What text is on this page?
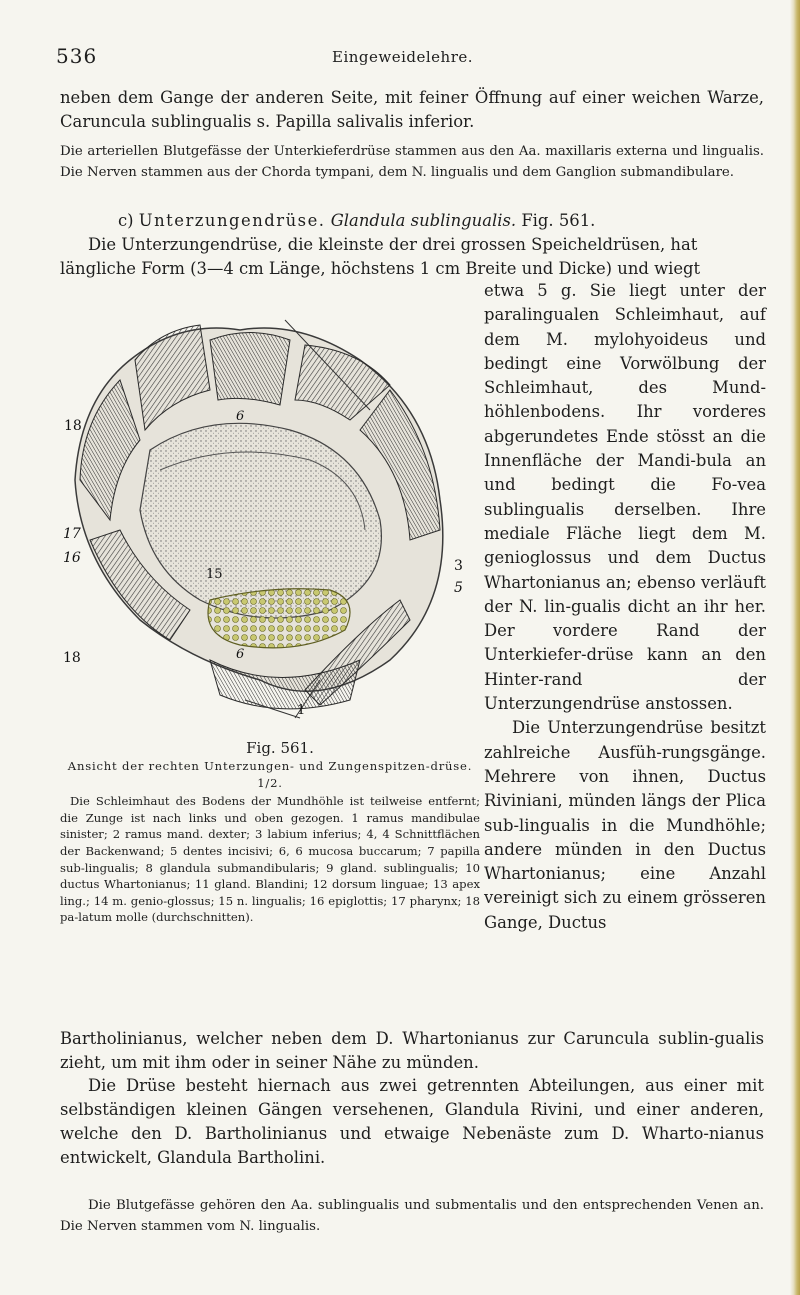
536	Eingeweidelehre.
neben dem Gange der anderen Seite, mit feiner Öffnung auf einer weichen Warze, Caruncula sublingualis s. Papilla salivalis inferior.
Die arteriellen Blutgefässe der Unterkieferdrüse stammen aus den Aa. maxillaris externa und lingualis. Die Nerven stammen aus der Chorda tympani, dem N. lingualis und dem Ganglion submandibulare.
c) Unterzungendrüse. Glandula sublingualis. Fig. 561.
Die Unterzungendrüse, die kleinste der drei grossen Speicheldrüsen, hat
längliche Form (3—4 cm Länge, höchstens 1 cm Breite und Dicke) und wiegt
6
18
17
16
18
15
3
5
6
1
Fig. 561.
Ansicht der rechten Unterzungen- und Zungenspitzen-drüse. 1/2.
Die Schleimhaut des Bodens der Mundhöhle ist teilweise entfernt; die Zunge ist nach links und oben gezogen. 1 ramus mandibulae sinister; 2 ramus mand. dexter; 3 labium inferius; 4, 4 Schnittflächen der Backenwand; 5 dentes incisivi; 6, 6 mucosa buccarum; 7 papilla sub-lingualis; 8 glandula submandibularis; 9 gland. sublingualis; 10 ductus Whartonianus; 11 gland. Blandini; 12 dorsum linguae; 13 apex ling.; 14 m. genio-glossus; 15 n. lingualis; 16 epiglottis; 17 pharynx; 18 pa-latum molle (durchschnitten).
etwa 5 g. Sie liegt unter der paralingualen Schleimhaut, auf dem M. mylohyoideus und bedingt eine Vorwölbung der Schleimhaut, des Mund-höhlenbodens. Ihr vorderes abgerundetes Ende stösst an die Innenfläche der Mandi-bula an und bedingt die Fo-vea sublingualis derselben. Ihre mediale Fläche liegt dem M. genioglossus und dem Ductus Whartonianus an; ebenso verläuft der N. lin-gualis dicht an ihr her. Der vordere Rand der Unterkiefer-drüse kann an den Hinter-rand der Unterzungendrüse anstossen.
Die Unterzungendrüse besitzt zahlreiche Ausfüh-rungsgänge. Mehrere von ihnen, Ductus Riviniani, münden längs der Plica sub-lingualis in die Mundhöhle; andere münden in den Ductus Whartonianus; eine Anzahl vereinigt sich zu einem grösseren Gange, Ductus
Bartholinianus, welcher neben dem D. Whartonianus zur Caruncula sublin-gualis zieht, um mit ihm oder in seiner Nähe zu münden.
Die Drüse besteht hiernach aus zwei getrennten Abteilungen, aus einer mit selbständigen kleinen Gängen versehenen, Glandula Rivini, und einer anderen, welche den D. Bartholinianus und etwaige Nebenäste zum D. Wharto-nianus entwickelt, Glandula Bartholini.
Die Blutgefässe gehören den Aa. sublingualis und submentalis und den entsprechenden Venen an. Die Nerven stammen vom N. lingualis.
